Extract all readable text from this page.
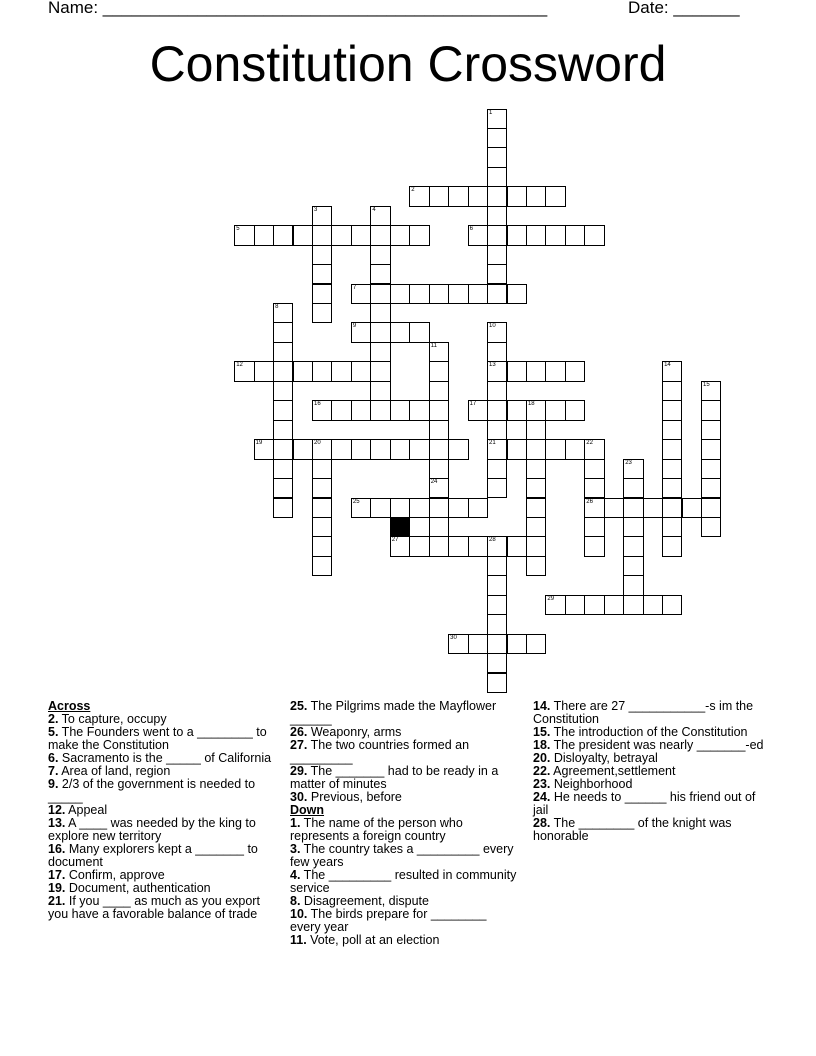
Name: _______________________________________________	Date: _______
Constitution Crossword
1
2
3	4
5	6
7
8
9	10
13
21
11
12	14
15
16	17	18
19	20	22
26
23
24
25
27	28
29
30
Across
2. To capture, occupy
5. The Founders went to a ________ to make the Constitution
6. Sacramento is the _____ of California
7. Area of land, region
9. 2/3 of the government is needed to _____
12. Appeal
13. A ____ was needed by the king to explore new territory
16. Many explorers kept a _______ to document
17. Confirm, approve
19. Document, authentication
21. If you ____ as much as you export you have a favorable balance of trade
25. The Pilgrims made the Mayflower ______
26. Weaponry, arms
27. The two countries formed an _________
29. The _______ had to be ready in a matter of minutes
30. Previous, before
Down
1. The name of the person who represents a foreign country
3. The country takes a _________ every few years
4. The _________ resulted in community service
8. Disagreement, dispute
10. The birds prepare for ________ every year
11. Vote, poll at an election
14. There are 27 ___________-s im the Constitution
15. The introduction of the Constitution
18. The president was nearly _______-ed
20. Disloyalty, betrayal
22. Agreement,settlement
23. Neighborhood
24. He needs to ______ his friend out of jail
28. The ________ of the knight was honorable
